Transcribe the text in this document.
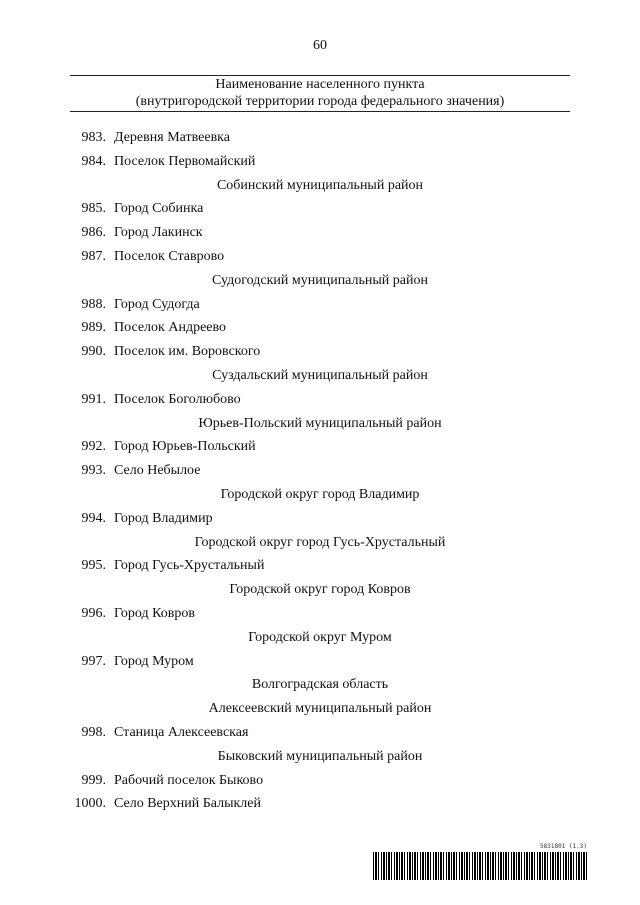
60
Наименование населенного пункта
(внутригородской территории города федерального значения)
983. Деревня Матвеевка
984. Поселок Первомайский
Собинский муниципальный район
985. Город Собинка
986. Город Лакинск
987. Поселок Ставрово
Судогодский муниципальный район
988. Город Судогда
989. Поселок Андреево
990. Поселок им. Воровского
Суздальский муниципальный район
991. Поселок Боголюбово
Юрьев-Польский муниципальный район
992. Город Юрьев-Польский
993. Село Небылое
Городской округ город Владимир
994. Город Владимир
Городской округ город Гусь-Хрустальный
995. Город Гусь-Хрустальный
Городской округ город Ковров
996. Город Ковров
Городской округ Муром
997. Город Муром
Волгоградская область
Алексеевский муниципальный район
998. Станица Алексеевская
Быковский муниципальный район
999. Рабочий поселок Быково
1000. Село Верхний Балыклей
5831801 (1.3)
